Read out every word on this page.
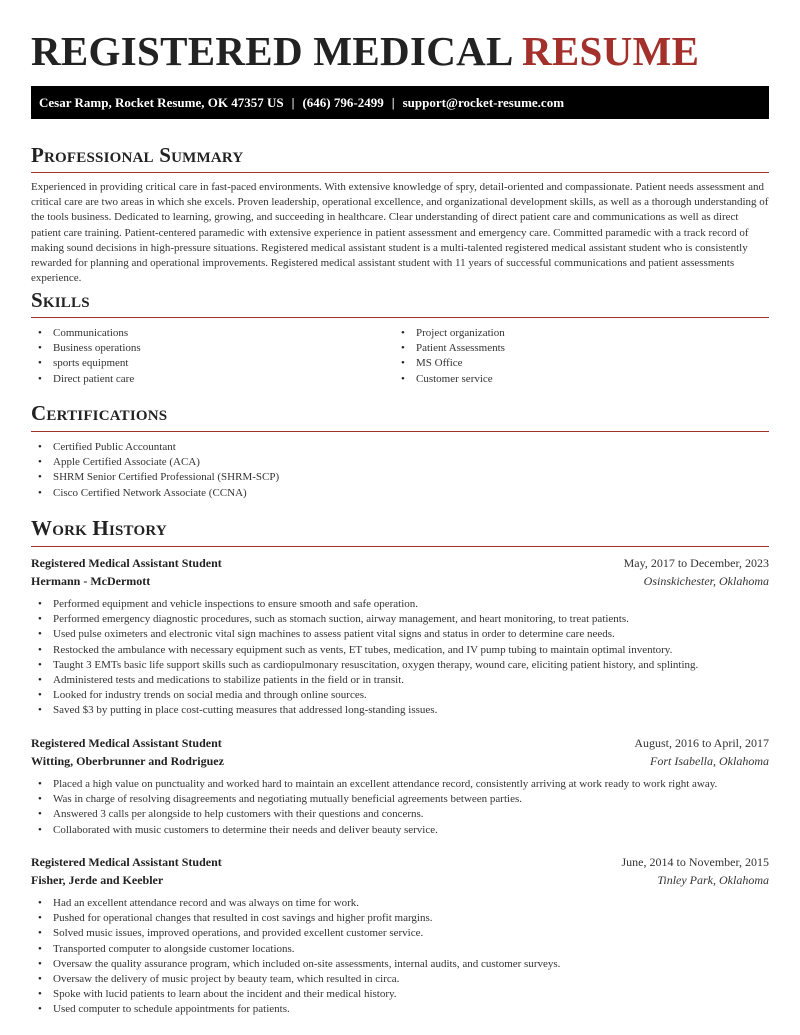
REGISTERED MEDICAL RESUME
Cesar Ramp, Rocket Resume, OK 47357 US | (646) 796-2499 | support@rocket-resume.com
Professional Summary

Experienced in providing critical care in fast-paced environments. With extensive knowledge of spry, detail-oriented and compassionate. Patient needs assessment and critical care are two areas in which she excels. Proven leadership, operational excellence, and organizational development skills, as well as a thorough understanding of the tools business. Dedicated to learning, growing, and succeeding in healthcare. Clear understanding of direct patient care and communications as well as direct patient care training. Patient-centered paramedic with extensive experience in patient assessment and emergency care. Committed paramedic with a track record of making sound decisions in high-pressure situations. Registered medical assistant student is a multi-talented registered medical assistant student who is consistently rewarded for planning and operational improvements. Registered medical assistant student with 11 years of successful communications and patient assessments experience.

Skills
• Communications
• Business operations
• sports equipment
• Direct patient care
• Project organization
• Patient Assessments
• MS Office
• Customer service
Certifications
• Certified Public Accountant
• Apple Certified Associate (ACA)
• SHRM Senior Certified Professional (SHRM-SCP)
• Cisco Certified Network Associate (CCNA)
Work History
Registered Medical Assistant Student	May, 2017 to December, 2023
Hermann - McDermott	Osinskichester, Oklahoma
• Performed equipment and vehicle inspections to ensure smooth and safe operation.
• Performed emergency diagnostic procedures, such as stomach suction, airway management, and heart monitoring, to treat patients.
• Used pulse oximeters and electronic vital sign machines to assess patient vital signs and status in order to determine care needs.
• Restocked the ambulance with necessary equipment such as vents, ET tubes, medication, and IV pump tubing to maintain optimal inventory.
• Taught 3 EMTs basic life support skills such as cardiopulmonary resuscitation, oxygen therapy, wound care, eliciting patient history, and splinting.
• Administered tests and medications to stabilize patients in the field or in transit.
• Looked for industry trends on social media and through online sources.
• Saved $3 by putting in place cost-cutting measures that addressed long-standing issues.
Registered Medical Assistant Student	August, 2016 to April, 2017
Witting, Oberbrunner and Rodriguez	Fort Isabella, Oklahoma
• Placed a high value on punctuality and worked hard to maintain an excellent attendance record, consistently arriving at work ready to work right away.
• Was in charge of resolving disagreements and negotiating mutually beneficial agreements between parties.
• Answered 3 calls per alongside to help customers with their questions and concerns.
• Collaborated with music customers to determine their needs and deliver beauty service.
Registered Medical Assistant Student	June, 2014 to November, 2015
Fisher, Jerde and Keebler	Tinley Park, Oklahoma
• Had an excellent attendance record and was always on time for work.
• Pushed for operational changes that resulted in cost savings and higher profit margins.
• Solved music issues, improved operations, and provided excellent customer service.
• Transported computer to alongside customer locations.
• Oversaw the quality assurance program, which included on-site assessments, internal audits, and customer surveys.
• Oversaw the delivery of music project by beauty team, which resulted in circa.
• Spoke with lucid patients to learn about the incident and their medical history.
• Used computer to schedule appointments for patients.
